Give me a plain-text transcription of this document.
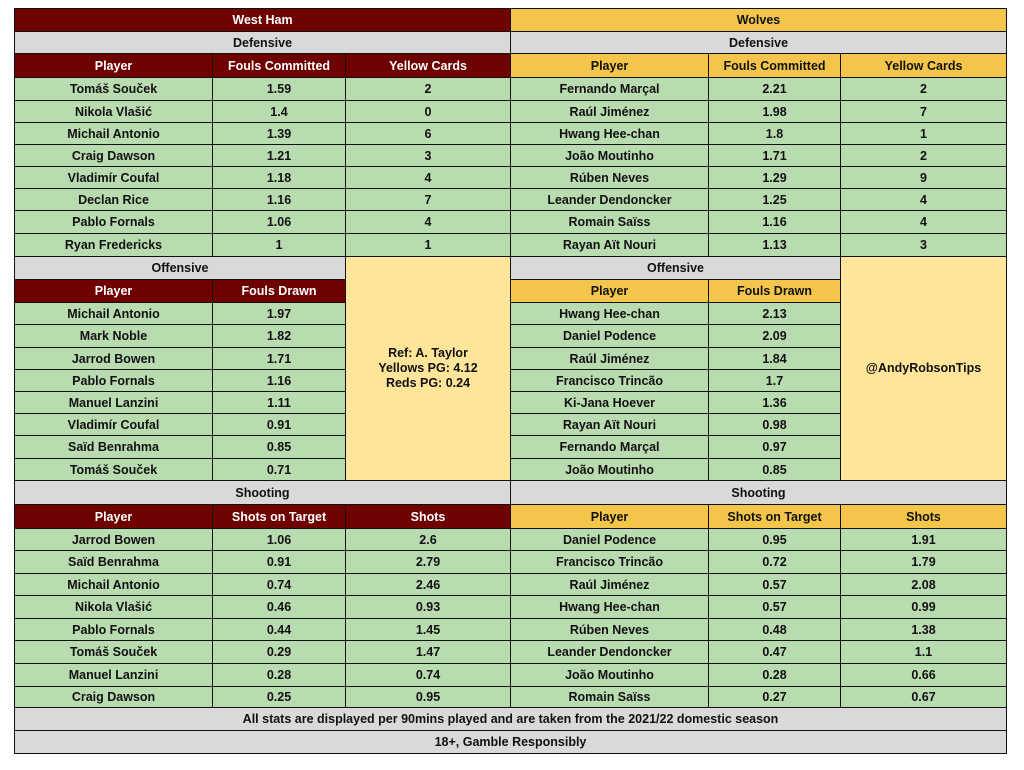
West Ham
Defensive
Player	Fouls Committed	Yellow Cards
Tomáš Souček	1.59	2
Nikola Vlašić	1.4	0
Michail Antonio	1.39	6
Craig Dawson	1.21	3
Vladimír Coufal	1.18	4
Declan Rice	1.16	7
Pablo Fornals	1.06	4
Ryan Fredericks	1	1
Offensive
Player	Fouls Drawn
Michail Antonio	1.97
Mark Noble	1.82
Jarrod Bowen	1.71
Pablo Fornals	1.16
Manuel Lanzini	1.11
Vladimír Coufal	0.91
Saïd Benrahma	0.85
Tomáš Souček	0.71
Shooting
Player	Shots on Target	Shots
Jarrod Bowen	1.06	2.6
Saïd Benrahma	0.91	2.79
Michail Antonio	0.74	2.46
Nikola Vlašić	0.46	0.93
Pablo Fornals	0.44	1.45
Tomáš Souček	0.29	1.47
Manuel Lanzini	0.28	0.74
Craig Dawson	0.25	0.95
Wolves
Defensive
Player	Fouls Committed	Yellow Cards
Fernando Marçal	2.21	2
Raúl Jiménez	1.98	7
Hwang Hee-chan	1.8	1
João Moutinho	1.71	2
Rúben Neves	1.29	9
Leander Dendoncker	1.25	4
Romain Saïss	1.16	4
Rayan Aït Nouri	1.13	3
Offensive
Player	Fouls Drawn
Hwang Hee-chan	2.13
Daniel Podence	2.09
Raúl Jiménez	1.84
Francisco Trincão	1.7
Ki-Jana Hoever	1.36
Rayan Aït Nouri	0.98
Fernando Marçal	0.97
João Moutinho	0.85
Shooting
Player	Shots on Target	Shots
Daniel Podence	0.95	1.91
Francisco Trincão	0.72	1.79
Raúl Jiménez	0.57	2.08
Hwang Hee-chan	0.57	0.99
Rúben Neves	0.48	1.38
Leander Dendoncker	0.47	1.1
João Moutinho	0.28	0.66
Romain Saïss	0.27	0.67
Ref: A. Taylor
Yellows PG: 4.12
Reds PG: 0.24
@AndyRobsonTips
All stats are displayed per 90mins played and are taken from the 2021/22 domestic season
18+, Gamble Responsibly
